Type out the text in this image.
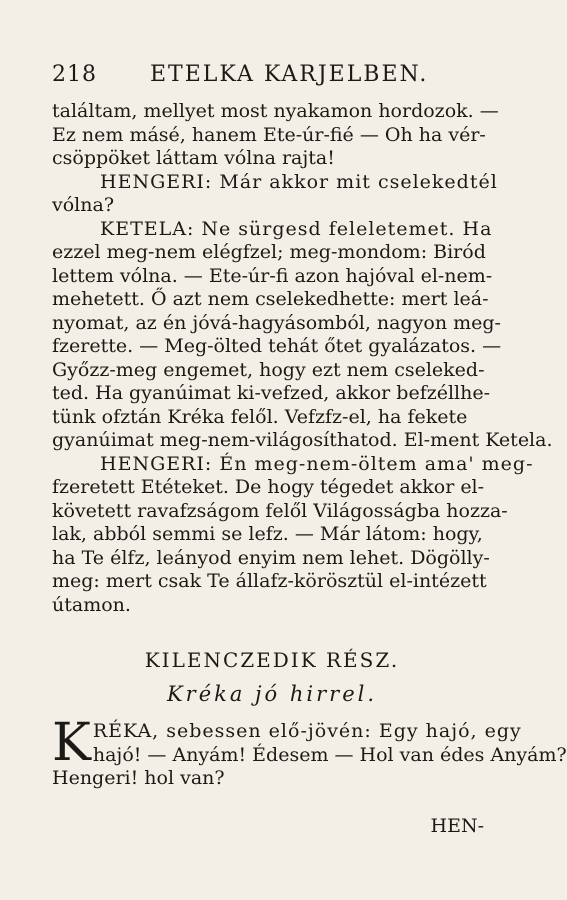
218 ETELKA KARJELBEN.
találtam, mellyet most nyakamon hordozok. —
Ez nem másé, hanem Ete-úr-fié — Oh ha vér-
csöppöket láttam vólna rajta!
HENGERI: Már akkor mit cselekedtél
vólna?
KETELA: Ne sürgesd feleletemet. Ha
ezzel meg-nem elégfzel; meg-mondom: Biród
lettem vólna. — Ete-úr-fi azon hajóval el-nem-
mehetett. Ő azt nem cselekedhette: mert leá-
nyomat, az én jóvá-hagyásomból, nagyon meg-
fzerette. — Meg-ölted tehát őtet gyalázatos. —
Győzz-meg engemet, hogy ezt nem cseleked-
ted. Ha gyanúimat ki-vefzed, akkor befzéllhe-
tünk ofztán Kréka felől. Vefzfz-el, ha fekete
gyanúimat meg-nem-világosíthatod. El-ment Ketela.
HENGERI: Én meg-nem-öltem ama' meg-
fzeretett Etéteket. De hogy tégedet akkor el-
követett ravafzságom felől Világosságba hozza-
lak, abból semmi se lefz. — Már látom: hogy,
ha Te élfz, leányod enyim nem lehet. Dögölly-
meg: mert csak Te állafz-körösztül el-intézett
útamon.
KILENCZEDIK RÉSZ.
Kréka jó hirrel.
K RÉKA, sebessen elő-jövén: Egy hajó, egy
hajó! — Anyám! Édesem — Hol van édes Anyám?
Hengeri! hol van?
HEN-
